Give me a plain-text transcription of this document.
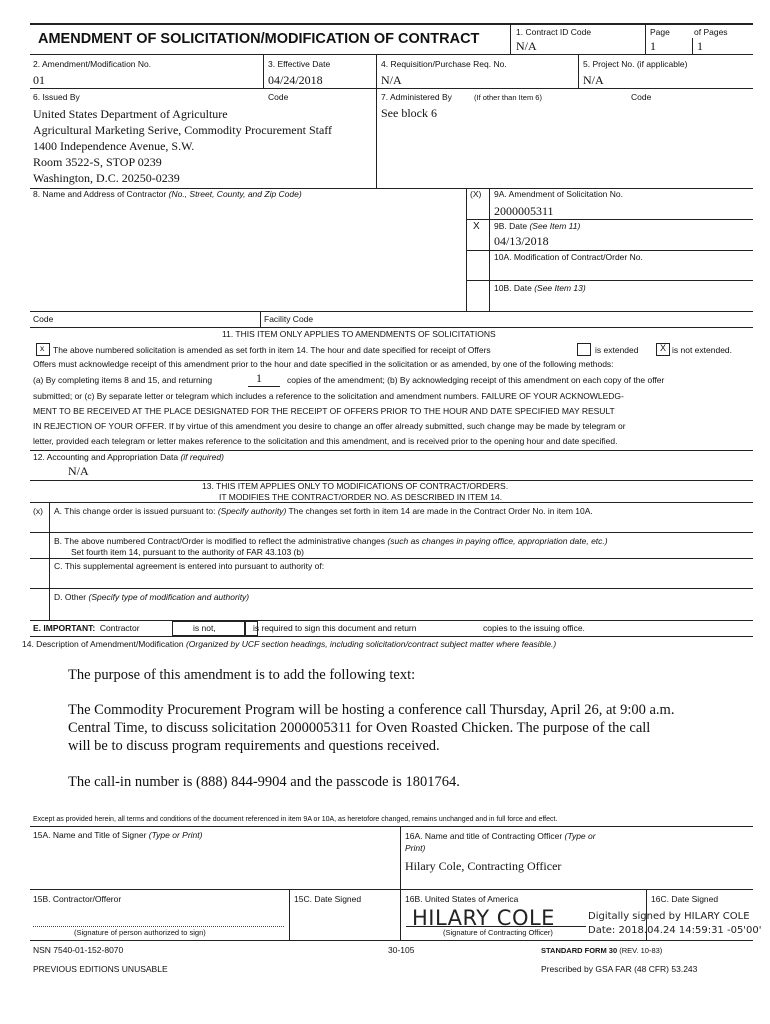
AMENDMENT OF SOLICITATION/MODIFICATION OF CONTRACT	1. Contract ID Code
N/A
Page
1
of Pages
1
2. Amendment/Modification No.
01
3. Effective Date
04/24/2018
4. Requisition/Purchase Req. No.
N/A
5. Project No. (if applicable)
N/A
6. Issued By	Code
United States Department of Agriculture
Agricultural Marketing Serive, Commodity Procurement Staff
1400 Independence Avenue, S.W.
Room 3522-S, STOP 0239
Washington, D.C. 20250-0239
7. Administered By	(If other than Item 6)	Code
See block 6
8. Name and Address of Contractor (No., Street, County, and Zip Code)	(X)
X
9A. Amendment of Solicitation No.
2000005311
9B. Date (See Item 11)
04/13/2018
10A. Modification of Contract/Order No.
10B. Date (See Item 13)
Code	Facility Code
11. THIS ITEM ONLY APPLIES TO AMENDMENTS OF SOLICITATIONS
x The above numbered solicitation is amended as set forth in item 14. The hour and date specified for receipt of Offers	is extended X is not extended.
Offers must acknowledge receipt of this amendment prior to the hour and date specified in the solicitation or as amended, by one of the following methods:
(a) By completing items 8 and 15, and returning	1	copies of the amendment; (b) By acknowledging receipt of this amendment on each copy of the offer
submitted; or (c) By separate letter or telegram which includes a reference to the solicitation and amendment numbers. FAILURE OF YOUR ACKNOWLEDG-
MENT TO BE RECEIVED AT THE PLACE DESIGNATED FOR THE RECEIPT OF OFFERS PRIOR TO THE HOUR AND DATE SPECIFIED MAY RESULT
IN REJECTION OF YOUR OFFER. If by virtue of this amendment you desire to change an offer already submitted, such change may be made by telegram or
letter, provided each telegram or letter makes reference to the solicitation and this amendment, and is received prior to the opening hour and date specified.
12. Accounting and Appropriation Data (if required)
N/A
13. THIS ITEM APPLIES ONLY TO MODIFICATIONS OF CONTRACT/ORDERS.
IT MODIFIES THE CONTRACT/ORDER NO. AS DESCRIBED IN ITEM 14.
(x) A. This change order is issued pursuant to: (Specify authority) The changes set forth in item 14 are made in the Contract Order No. in item 10A.
B. The above numbered Contract/Order is modified to reflect the administrative changes (such as changes in paying office, appropriation date, etc.)
Set fourth item 14, pursuant to the authority of FAR 43.103 (b)
C. This supplemental agreement is entered into pursuant to authority of:
D. Other (Specify type of modification and authority)
E. IMPORTANT: Contractor	is not,	is required to sign this document and return	copies to the issuing office.
14. Description of Amendment/Modification (Organized by UCF section headings, including solicitation/contract subject matter where feasible.)
The purpose of this amendment is to add the following text:
The Commodity Procurement Program will be hosting a conference call Thursday, April 26, at 9:00 a.m.
Central Time, to discuss solicitation 2000005311 for Oven Roasted Chicken. The purpose of the call
will be to discuss program requirements and questions received.
The call-in number is (888) 844-9904 and the passcode is 1801764.
Except as provided herein, all terms and conditions of the document referenced in item 9A or 10A, as heretofore changed, remains unchanged and in full force and effect.
15A. Name and Title of Signer (Type or Print)	16A. Name and title of Contracting Officer (Type or
Print)
Hilary Cole, Contracting Officer
15B. Contractor/Offeror
(Signature of person authorized to sign)
15C. Date Signed	16B. United States of America
HILARY COLE
(Signature of Contracting Officer)
Digitally signed by HILARY COLE
Date: 2018.04.24 14:59:31 -05'00'
16C. Date Signed
NSN 7540-01-152-8070
PREVIOUS EDITIONS UNUSABLE
30-105	STANDARD FORM 30 (REV. 10-83)
Prescribed by GSA FAR (48 CFR) 53.243
